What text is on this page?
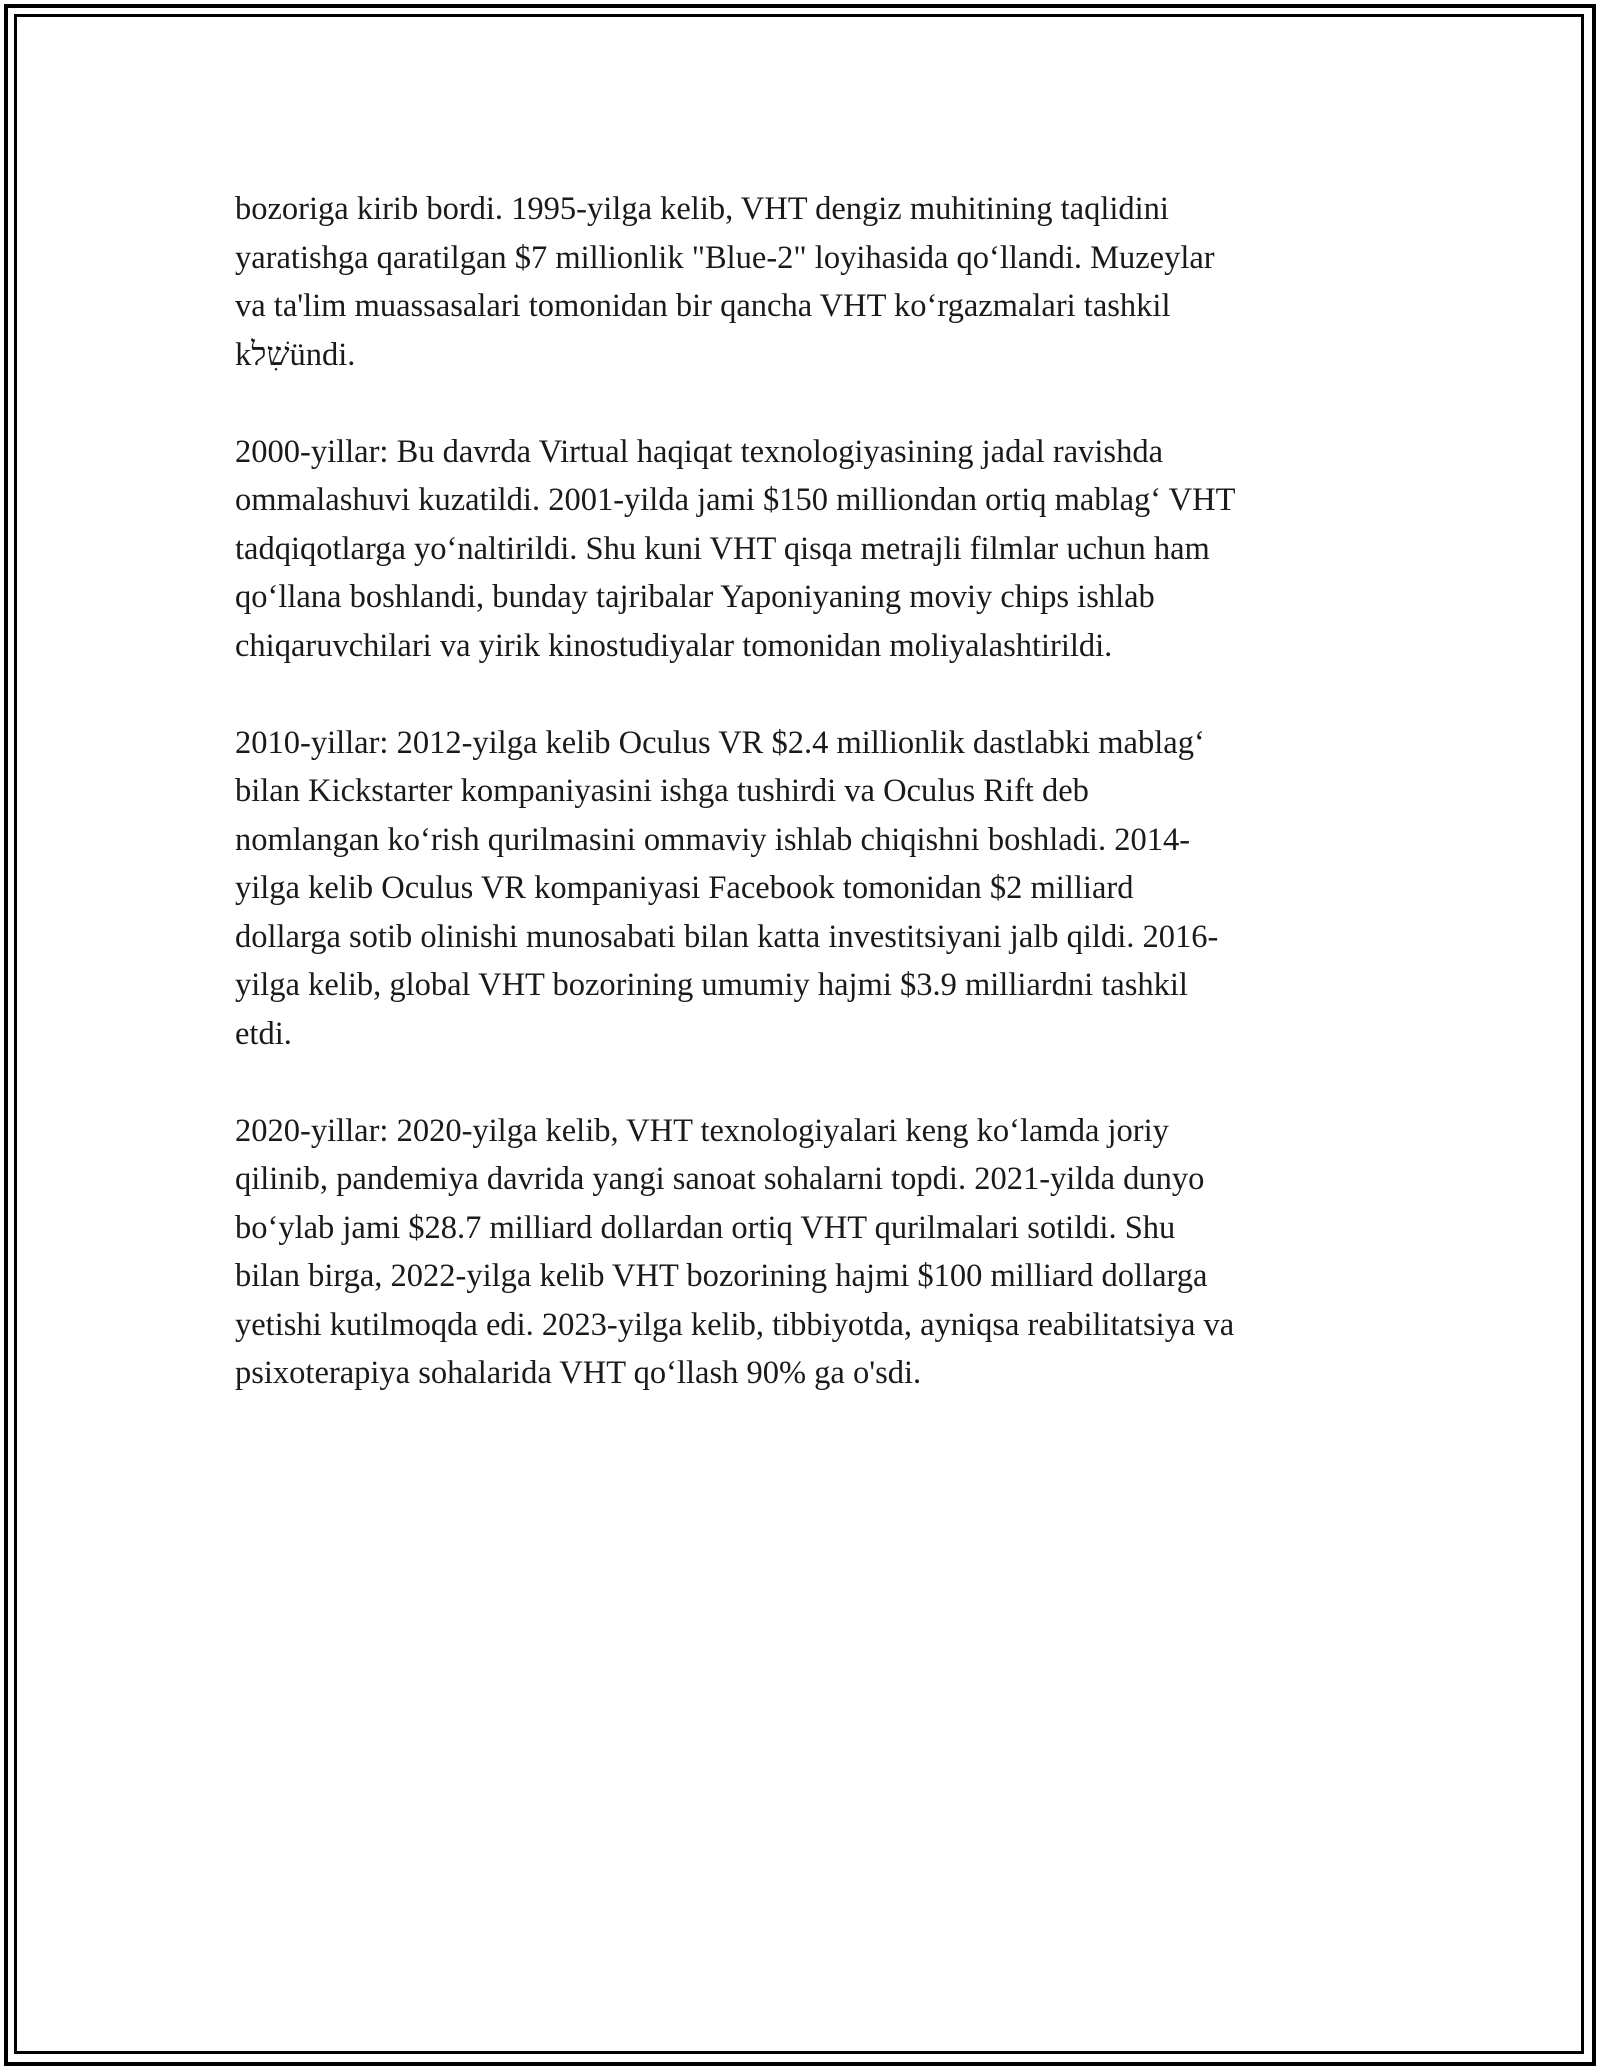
bozoriga kirib bordi. 1995-yilga kelib, VHT dengiz muhitining taqlidini
yaratishga qaratilgan $7 millionlik "Blue-2" loyihasida qo‘llandi. Muzeylar
va ta'lim muassasalari tomonidan bir qancha VHT ko‘rgazmalari tashkil
kשִׁלündi.

2000-yillar: Bu davrda Virtual haqiqat texnologiyasining jadal ravishda
ommalashuvi kuzatildi. 2001-yilda jami $150 milliondan ortiq mablag‘ VHT
tadqiqotlarga yo‘naltirildi. Shu kuni VHT qisqa metrajli filmlar uchun ham
qo‘llana boshlandi, bunday tajribalar Yaponiyaning moviy chips ishlab
chiqaruvchilari va yirik kinostudiyalar tomonidan moliyalashtirildi.

2010-yillar: 2012-yilga kelib Oculus VR $2.4 millionlik dastlabki mablag‘
bilan Kickstarter kompaniyasini ishga tushirdi va Oculus Rift deb
nomlangan ko‘rish qurilmasini ommaviy ishlab chiqishni boshladi. 2014-
yilga kelib Oculus VR kompaniyasi Facebook tomonidan $2 milliard
dollarga sotib olinishi munosabati bilan katta investitsiyani jalb qildi. 2016-
yilga kelib, global VHT bozorining umumiy hajmi $3.9 milliardni tashkil
etdi.

2020-yillar: 2020-yilga kelib, VHT texnologiyalari keng ko‘lamda joriy
qilinib, pandemiya davrida yangi sanoat sohalarni topdi. 2021-yilda dunyo
bo‘ylab jami $28.7 milliard dollardan ortiq VHT qurilmalari sotildi. Shu
bilan birga, 2022-yilga kelib VHT bozorining hajmi $100 milliard dollarga
yetishi kutilmoqda edi. 2023-yilga kelib, tibbiyotda, ayniqsa reabilitatsiya va
psixoterapiya sohalarida VHT qo‘llash 90% ga o'sdi.
